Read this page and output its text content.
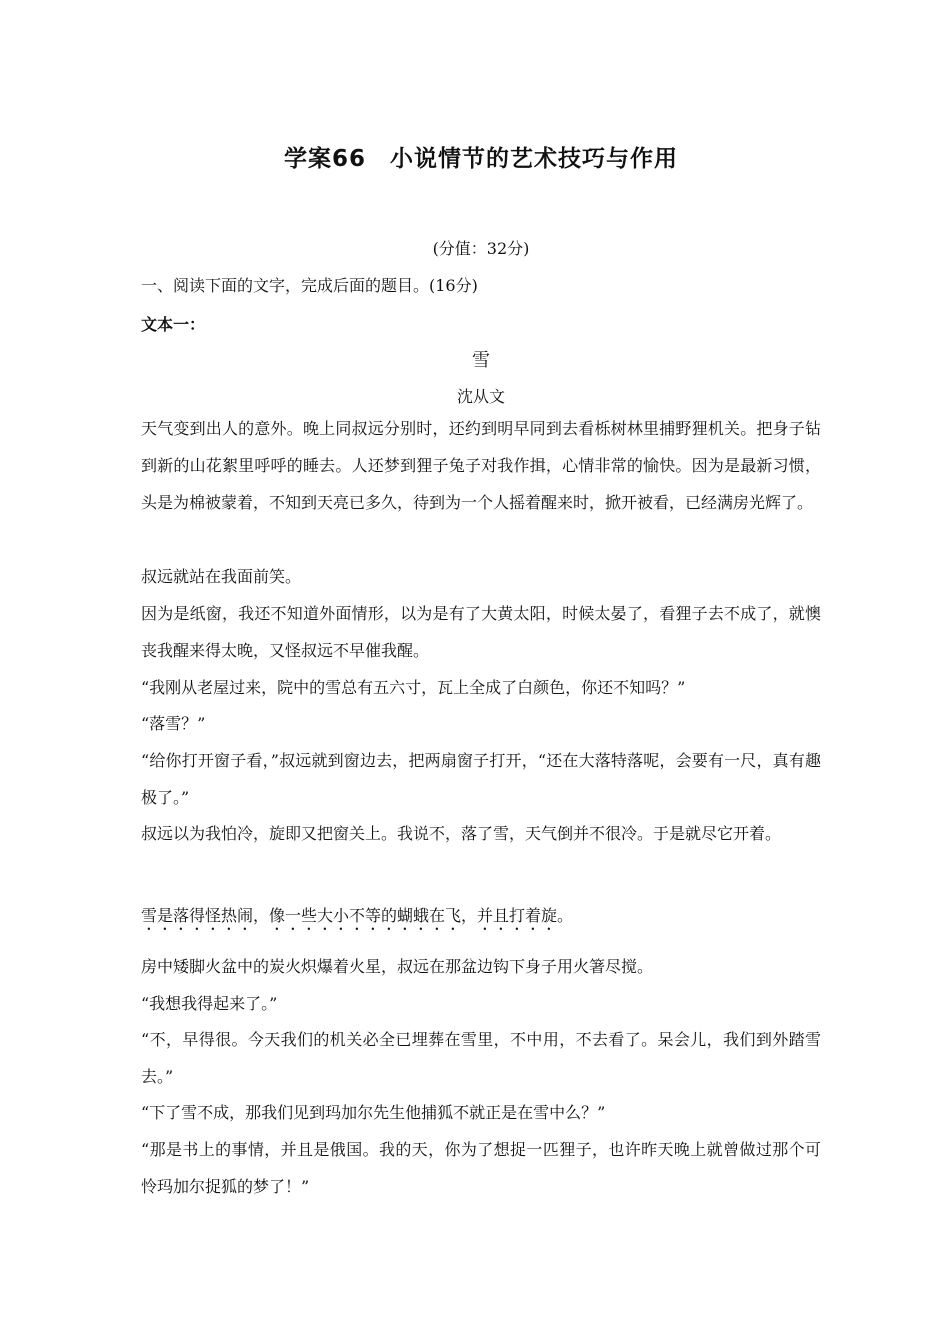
学案66　小说情节的艺术技巧与作用
(分值：32分)
一、阅读下面的文字，完成后面的题目。(16分)
文本一：
雪
沈从文
天气变到出人的意外。晚上同叔远分别时，还约到明早同到去看栎树林里捕野狸机关。把身子钻到新的山花絮里呼呼的睡去。人还梦到狸子兔子对我作揖，心情非常的愉快。因为是最新习惯，头是为棉被蒙着，不知到天亮已多久，待到为一个人摇着醒来时，掀开被看，已经满房光辉了。
叔远就站在我面前笑。
因为是纸窗，我还不知道外面情形，以为是有了大黄太阳，时候太晏了，看狸子去不成了，就懊丧我醒来得太晚，又怪叔远不早催我醒。
“我刚从老屋过来，院中的雪总有五六寸，瓦上全成了白颜色，你还不知吗？”
“落雪？”
“给你打开窗子看，”叔远就到窗边去，把两扇窗子打开，“还在大落特落呢，会要有一尺，真有趣极了。”
叔远以为我怕冷，旋即又把窗关上。我说不，落了雪，天气倒并不很冷。于是就尽它开着。
雪是落得怪热闹，像一些大小不等的蝴蛾在飞，并且打着旋。
房中矮脚火盆中的炭火炽爆着火星，叔远在那盆边钩下身子用火箸尽搅。
“我想我得起来了。”
“不，早得很。今天我们的机关必全已埋葬在雪里，不中用，不去看了。呆会儿，我们到外踏雪去。”
“下了雪不成，那我们见到玛加尔先生他捕狐不就正是在雪中么？”
“那是书上的事情，并且是俄国。我的天，你为了想捉一匹狸子，也许昨天晚上就曾做过那个可怜玛加尔捉狐的梦了！”
